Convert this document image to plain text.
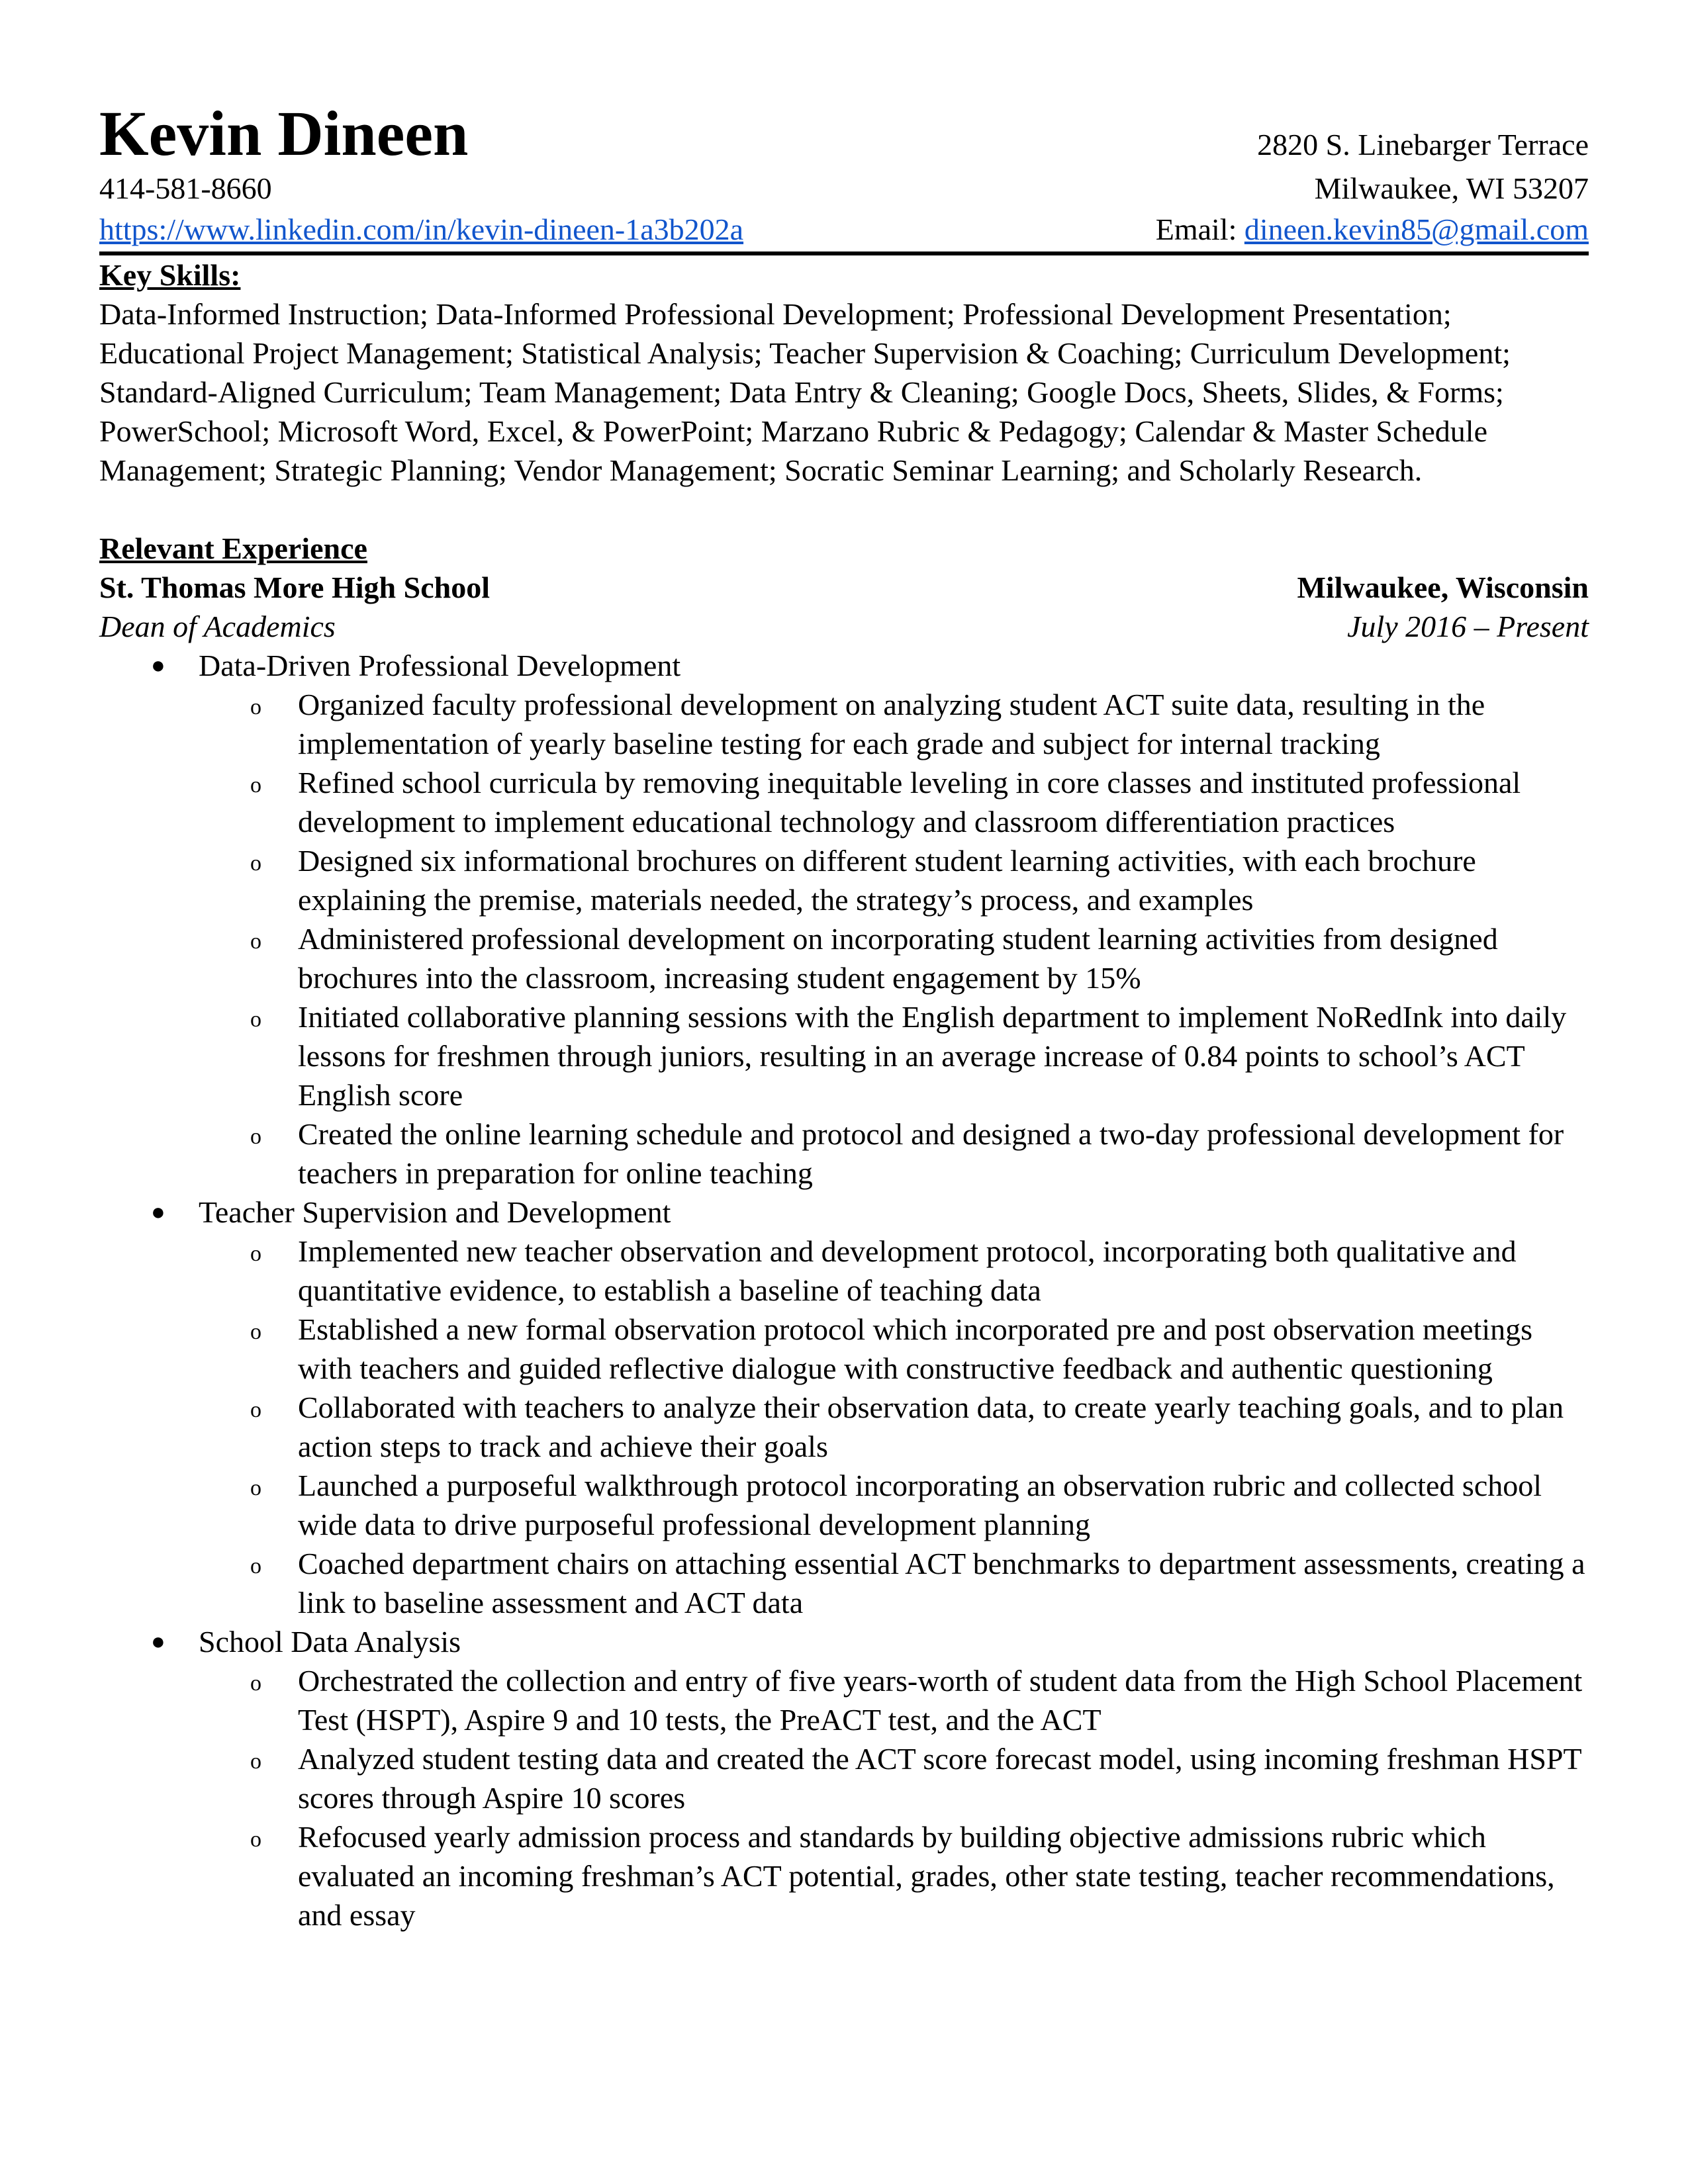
Kevin Dineen	2820 S. Linebarger Terrace
414-581-8660	Milwaukee, WI 53207
https://www.linkedin.com/in/kevin-dineen-1a3b202a	Email: dineen.kevin85@gmail.com
Key Skills:
Data-Informed Instruction; Data-Informed Professional Development; Professional Development Presentation; Educational Project Management; Statistical Analysis; Teacher Supervision & Coaching; Curriculum Development; Standard-Aligned Curriculum; Team Management; Data Entry & Cleaning; Google Docs, Sheets, Slides, & Forms; PowerSchool; Microsoft Word, Excel, & PowerPoint; Marzano Rubric & Pedagogy; Calendar & Master Schedule Management; Strategic Planning; Vendor Management; Socratic Seminar Learning; and Scholarly Research.
Relevant Experience
St. Thomas More High School	Milwaukee, Wisconsin
Dean of Academics	July 2016 – Present
● Data-Driven Professional Development
o Organized faculty professional development on analyzing student ACT suite data, resulting in the implementation of yearly baseline testing for each grade and subject for internal tracking
o Refined school curricula by removing inequitable leveling in core classes and instituted professional development to implement educational technology and classroom differentiation practices
o Designed six informational brochures on different student learning activities, with each brochure explaining the premise, materials needed, the strategy’s process, and examples
o Administered professional development on incorporating student learning activities from designed brochures into the classroom, increasing student engagement by 15%
o Initiated collaborative planning sessions with the English department to implement NoRedInk into daily lessons for freshmen through juniors, resulting in an average increase of 0.84 points to school’s ACT English score
o Created the online learning schedule and protocol and designed a two-day professional development for teachers in preparation for online teaching
● Teacher Supervision and Development
o Implemented new teacher observation and development protocol, incorporating both qualitative and quantitative evidence, to establish a baseline of teaching data
o Established a new formal observation protocol which incorporated pre and post observation meetings with teachers and guided reflective dialogue with constructive feedback and authentic questioning
o Collaborated with teachers to analyze their observation data, to create yearly teaching goals, and to plan action steps to track and achieve their goals
o Launched a purposeful walkthrough protocol incorporating an observation rubric and collected school wide data to drive purposeful professional development planning
o Coached department chairs on attaching essential ACT benchmarks to department assessments, creating a link to baseline assessment and ACT data
● School Data Analysis
o Orchestrated the collection and entry of five years-worth of student data from the High School Placement Test (HSPT), Aspire 9 and 10 tests, the PreACT test, and the ACT
o Analyzed student testing data and created the ACT score forecast model, using incoming freshman HSPT scores through Aspire 10 scores
o Refocused yearly admission process and standards by building objective admissions rubric which evaluated an incoming freshman’s ACT potential, grades, other state testing, teacher recommendations, and essay
